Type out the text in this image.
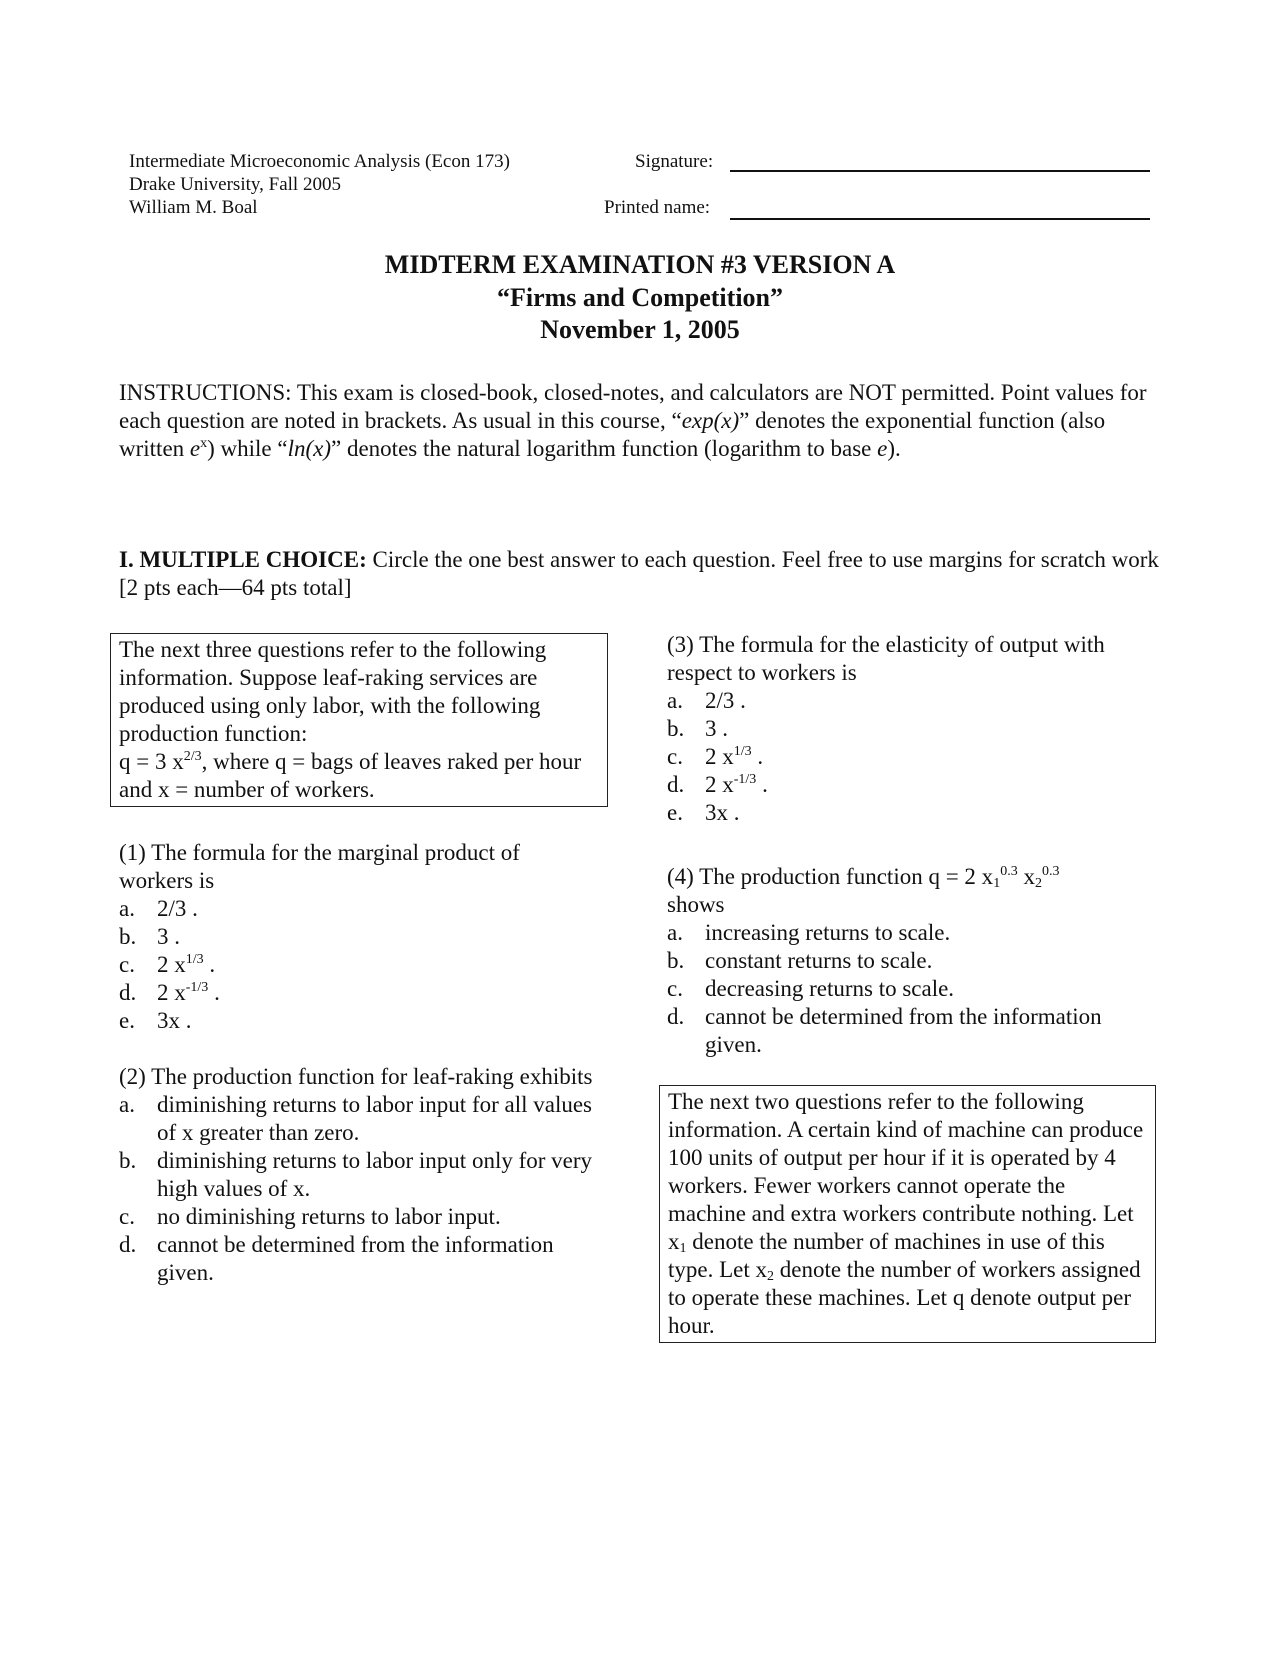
Intermediate Microeconomic Analysis (Econ 173)
Drake University, Fall 2005
William M. Boal
Signature:
Printed name:
MIDTERM EXAMINATION #3 VERSION A
“Firms and Competition”
November 1, 2005
INSTRUCTIONS: This exam is closed-book, closed-notes, and calculators are NOT permitted. Point values for each question are noted in brackets. As usual in this course, “exp(x)” denotes the exponential function (also written $e^x$) while “ln(x)” denotes the natural logarithm function (logarithm to base e).
I. MULTIPLE CHOICE: Circle the one best answer to each question. Feel free to use margins for scratch work [2 pts each—64 pts total]
The next three questions refer to the following information. Suppose leaf-raking services are produced using only labor, with the following production function:
q = 3 $x^{2/3}$, where q = bags of leaves raked per hour and x = number of workers.
(1) The formula for the marginal product of workers is
a. 2/3 .
b. 3 .
c. 2 $x^{1/3}$ .
d. 2 $x^{-1/3}$ .
e. 3x .
(2) The production function for leaf-raking exhibits
a. diminishing returns to labor input for all values of x greater than zero.
b. diminishing returns to labor input only for very high values of x.
c. no diminishing returns to labor input.
d. cannot be determined from the information given.
(3) The formula for the elasticity of output with respect to workers is
a. 2/3 .
b. 3 .
c. 2 $x^{1/3}$ .
d. 2 $x^{-1/3}$ .
e. 3x .
(4) The production function q = 2 $x_1^{0.3}$ $x_2^{0.3}$
shows
a. increasing returns to scale.
b. constant returns to scale.
c. decreasing returns to scale.
d. cannot be determined from the information given.
The next two questions refer to the following information. A certain kind of machine can produce 100 units of output per hour if it is operated by 4 workers. Fewer workers cannot operate the machine and extra workers contribute nothing. Let $x_1$ denote the number of machines in use of this type. Let $x_2$ denote the number of workers assigned to operate these machines. Let q denote output per hour.
